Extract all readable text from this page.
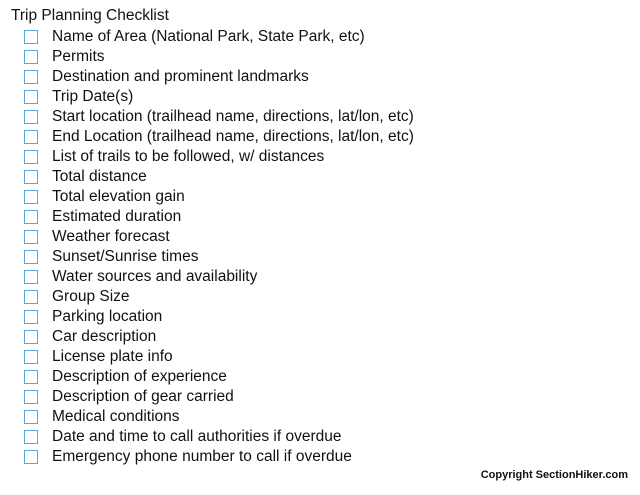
Trip Planning Checklist
Name of Area (National Park, State Park, etc)
Permits
Destination and prominent landmarks
Trip Date(s)
Start location (trailhead name, directions, lat/lon, etc)
End Location (trailhead name, directions, lat/lon, etc)
List of trails to be followed, w/ distances
Total distance
Total elevation gain
Estimated duration
Weather forecast
Sunset/Sunrise times
Water sources and availability
Group Size
Parking location
Car description
License plate info
Description of experience
Description of gear carried
Medical conditions
Date and time to call authorities if overdue
Emergency phone number to call if overdue
Copyright SectionHiker.com
